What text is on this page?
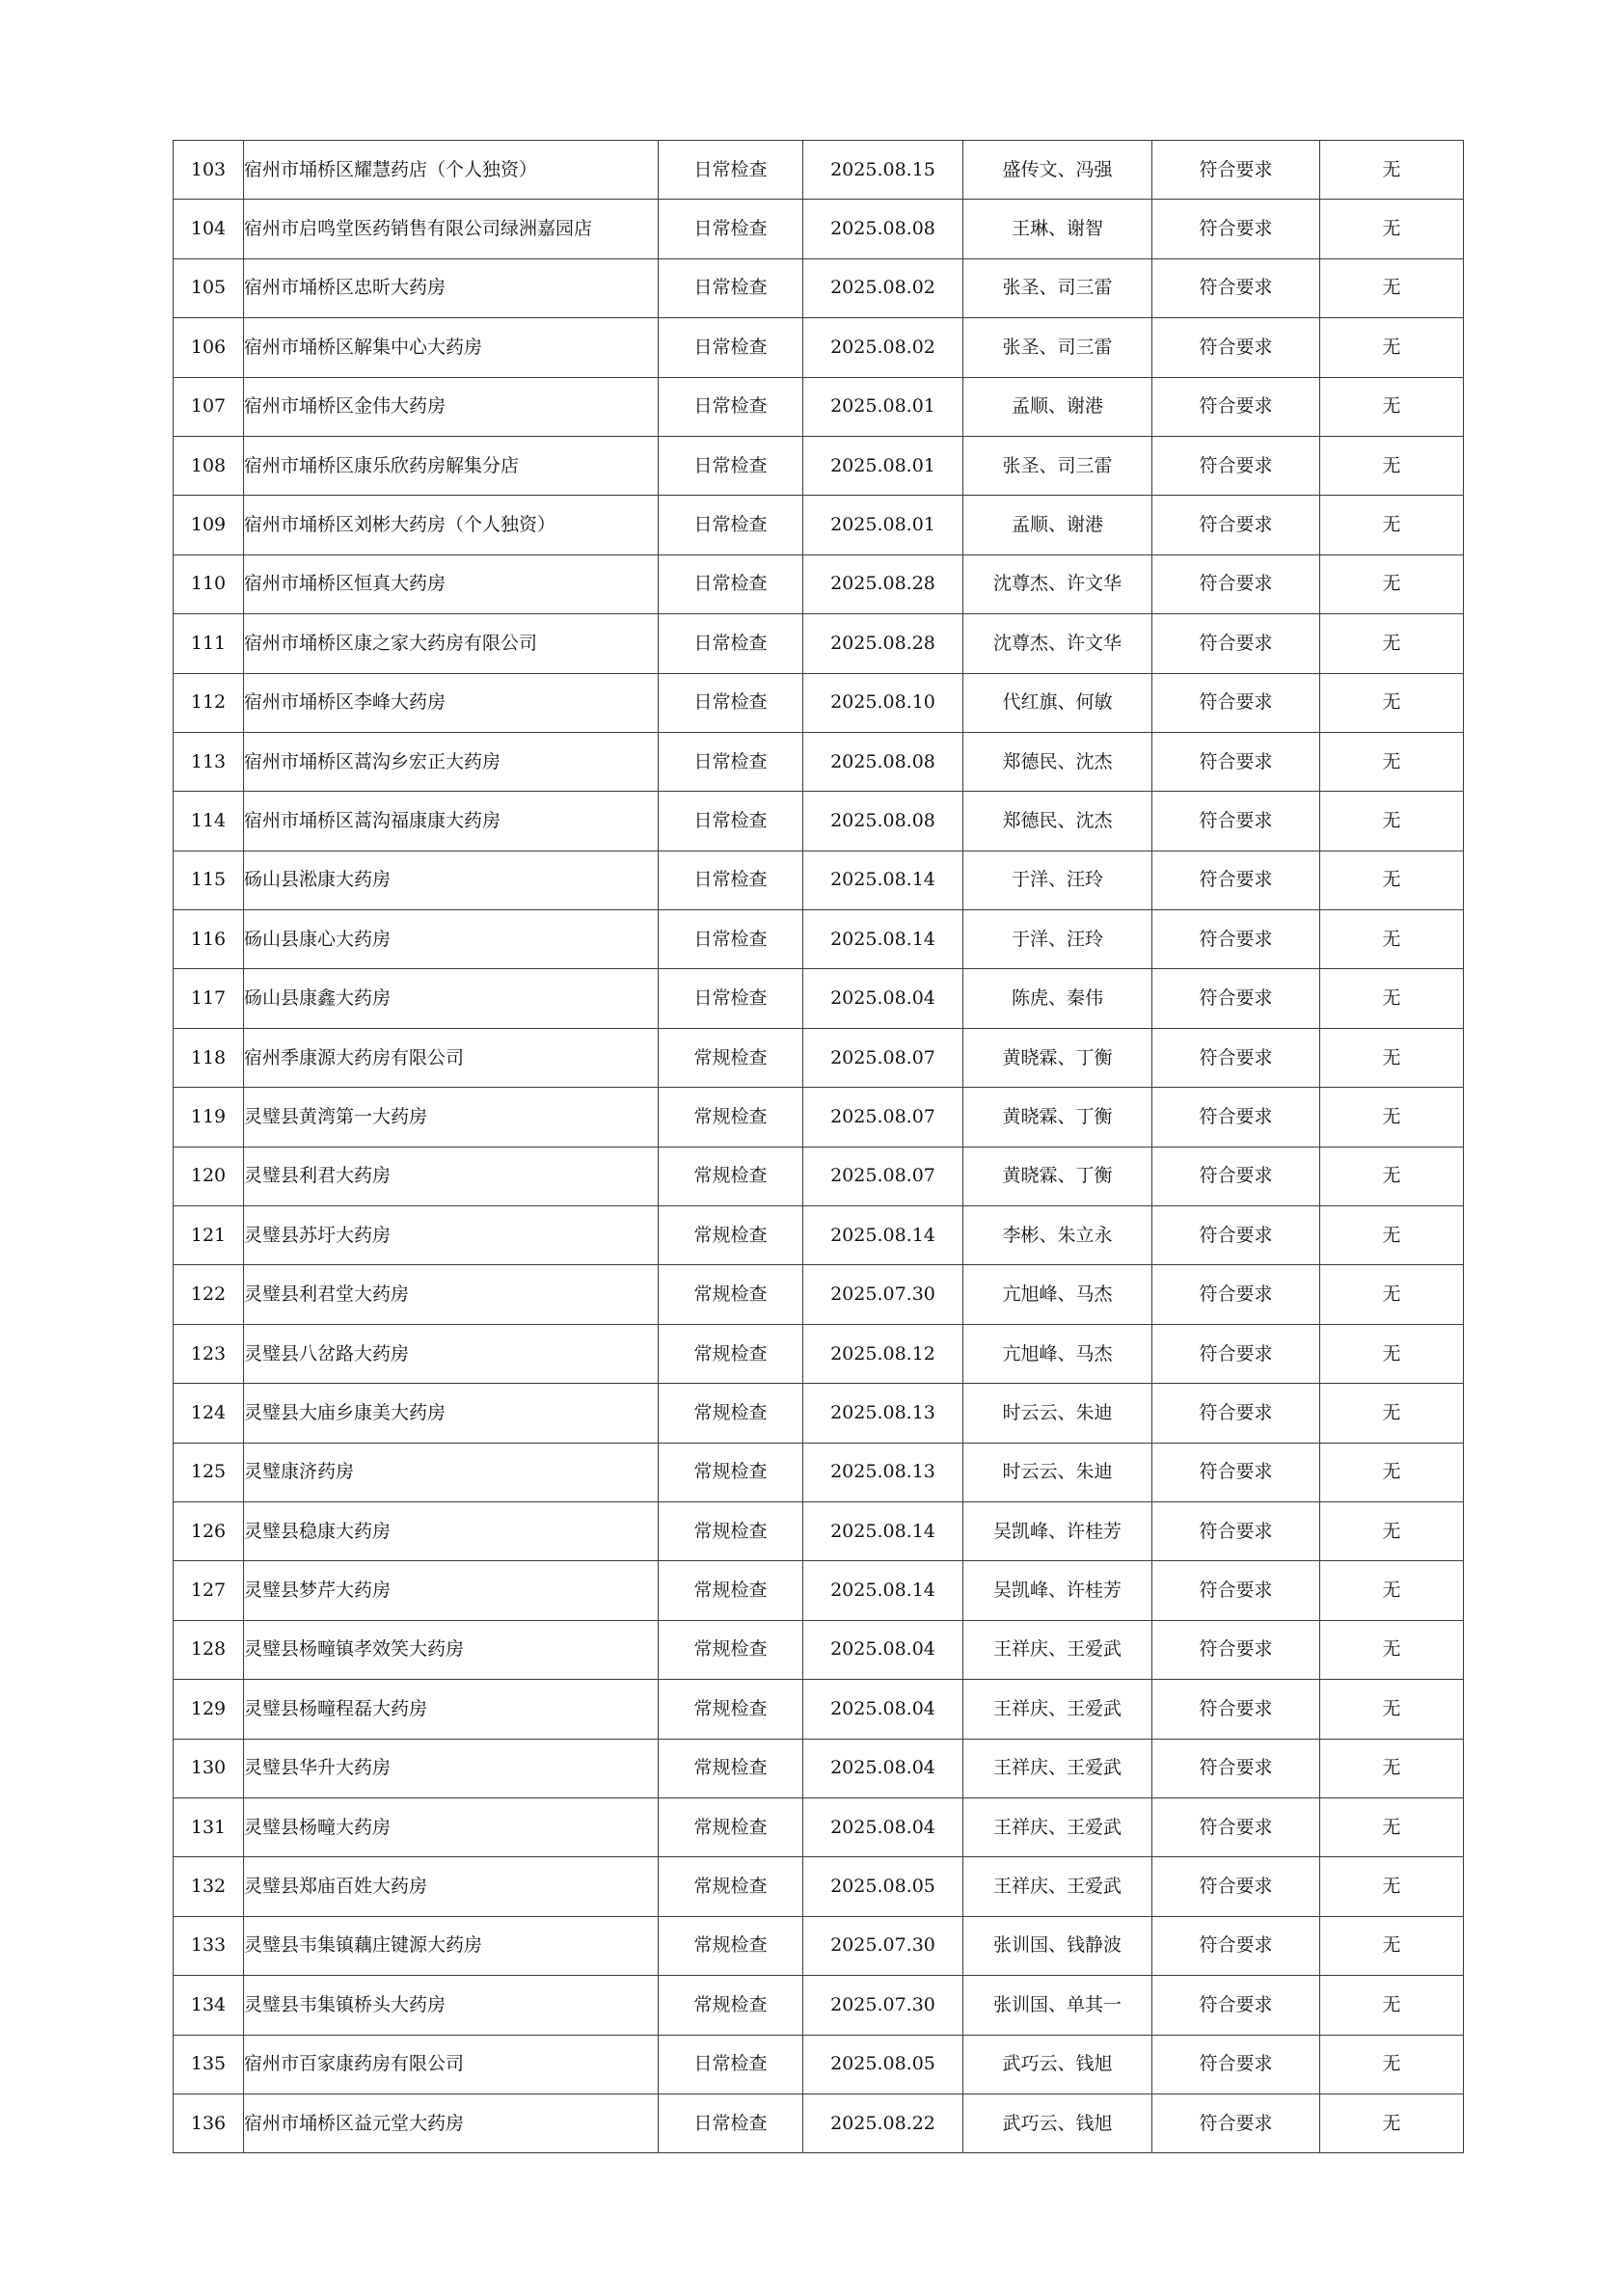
103	宿州市埇桥区耀慧药店（个人独资）	日常检查	2025.08.15	盛传文、冯强	符合要求	无
104	宿州市启鸣堂医药销售有限公司绿洲嘉园店	日常检查	2025.08.08	王琳、谢智	符合要求	无
105	宿州市埇桥区忠昕大药房	日常检查	2025.08.02	张圣、司三雷	符合要求	无
106	宿州市埇桥区解集中心大药房	日常检查	2025.08.02	张圣、司三雷	符合要求	无
107	宿州市埇桥区金伟大药房	日常检查	2025.08.01	孟顺、谢港	符合要求	无
108	宿州市埇桥区康乐欣药房解集分店	日常检查	2025.08.01	张圣、司三雷	符合要求	无
109	宿州市埇桥区刘彬大药房（个人独资）	日常检查	2025.08.01	孟顺、谢港	符合要求	无
110	宿州市埇桥区恒真大药房	日常检查	2025.08.28	沈尊杰、许文华	符合要求	无
111	宿州市埇桥区康之家大药房有限公司	日常检查	2025.08.28	沈尊杰、许文华	符合要求	无
112	宿州市埇桥区李峰大药房	日常检查	2025.08.10	代红旗、何敏	符合要求	无
113	宿州市埇桥区蒿沟乡宏正大药房	日常检查	2025.08.08	郑德民、沈杰	符合要求	无
114	宿州市埇桥区蒿沟福康康大药房	日常检查	2025.08.08	郑德民、沈杰	符合要求	无
115	砀山县淞康大药房	日常检查	2025.08.14	于洋、汪玲	符合要求	无
116	砀山县康心大药房	日常检查	2025.08.14	于洋、汪玲	符合要求	无
117	砀山县康鑫大药房	日常检查	2025.08.04	陈虎、秦伟	符合要求	无
118	宿州季康源大药房有限公司	常规检查	2025.08.07	黄晓霖、丁衡	符合要求	无
119	灵璧县黄湾第一大药房	常规检查	2025.08.07	黄晓霖、丁衡	符合要求	无
120	灵璧县利君大药房	常规检查	2025.08.07	黄晓霖、丁衡	符合要求	无
121	灵璧县苏圩大药房	常规检查	2025.08.14	李彬、朱立永	符合要求	无
122	灵璧县利君堂大药房	常规检查	2025.07.30	亢旭峰、马杰	符合要求	无
123	灵璧县八岔路大药房	常规检查	2025.08.12	亢旭峰、马杰	符合要求	无
124	灵璧县大庙乡康美大药房	常规检查	2025.08.13	时云云、朱迪	符合要求	无
125	灵璧康济药房	常规检查	2025.08.13	时云云、朱迪	符合要求	无
126	灵璧县稳康大药房	常规检查	2025.08.14	吴凯峰、许桂芳	符合要求	无
127	灵璧县梦芹大药房	常规检查	2025.08.14	吴凯峰、许桂芳	符合要求	无
128	灵璧县杨疃镇孝效笑大药房	常规检查	2025.08.04	王祥庆、王爱武	符合要求	无
129	灵璧县杨疃程磊大药房	常规检查	2025.08.04	王祥庆、王爱武	符合要求	无
130	灵璧县华升大药房	常规检查	2025.08.04	王祥庆、王爱武	符合要求	无
131	灵璧县杨疃大药房	常规检查	2025.08.04	王祥庆、王爱武	符合要求	无
132	灵璧县郑庙百姓大药房	常规检查	2025.08.05	王祥庆、王爱武	符合要求	无
133	灵璧县韦集镇藕庄键源大药房	常规检查	2025.07.30	张训国、钱静波	符合要求	无
134	灵璧县韦集镇桥头大药房	常规检查	2025.07.30	张训国、单其一	符合要求	无
135	宿州市百家康药房有限公司	日常检查	2025.08.05	武巧云、钱旭	符合要求	无
136	宿州市埇桥区益元堂大药房	日常检查	2025.08.22	武巧云、钱旭	符合要求	无
